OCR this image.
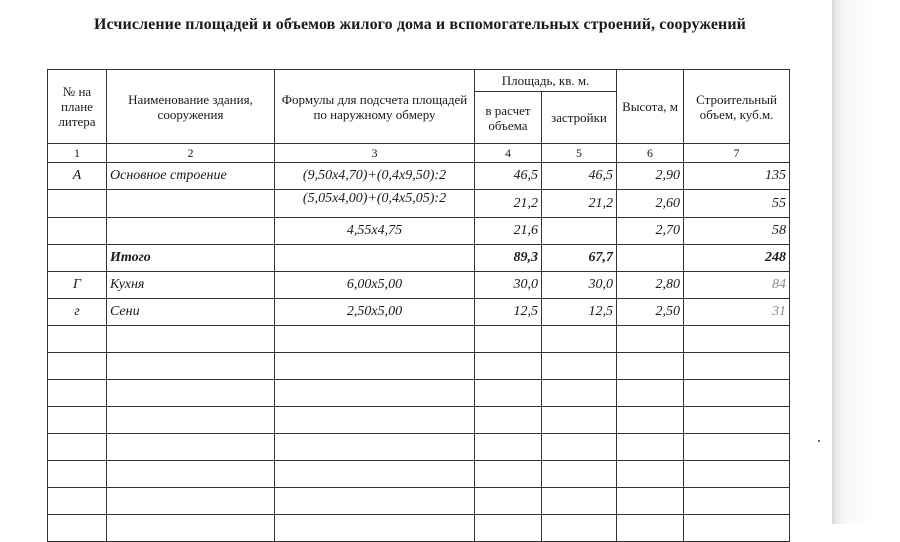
Исчисление площадей и объемов жилого дома и вспомогательных строений, сооружений
№ на плане литера	Наименование здания, сооружения	Формулы для подсчета площадей по наружному обмеру	Площадь, кв. м.		Высота, м	Строительный объем, куб.м.
			в расчет объема	застройки		
1	2	3	4	5	6	7
А	Основное строение	(9,50х4,70)+(0,4х9,50):2	46,5	46,5	2,90	135
		(5,05х4,00)+(0,4х5,05):2	21,2	21,2	2,60	55
		4,55х4,75	21,6		2,70	58
	Итого		89,3	67,7		248
Г	Кухня	6,00х5,00	30,0	30,0	2,80	84
г	Сени	2,50х5,00	12,5	12,5	2,50	31
